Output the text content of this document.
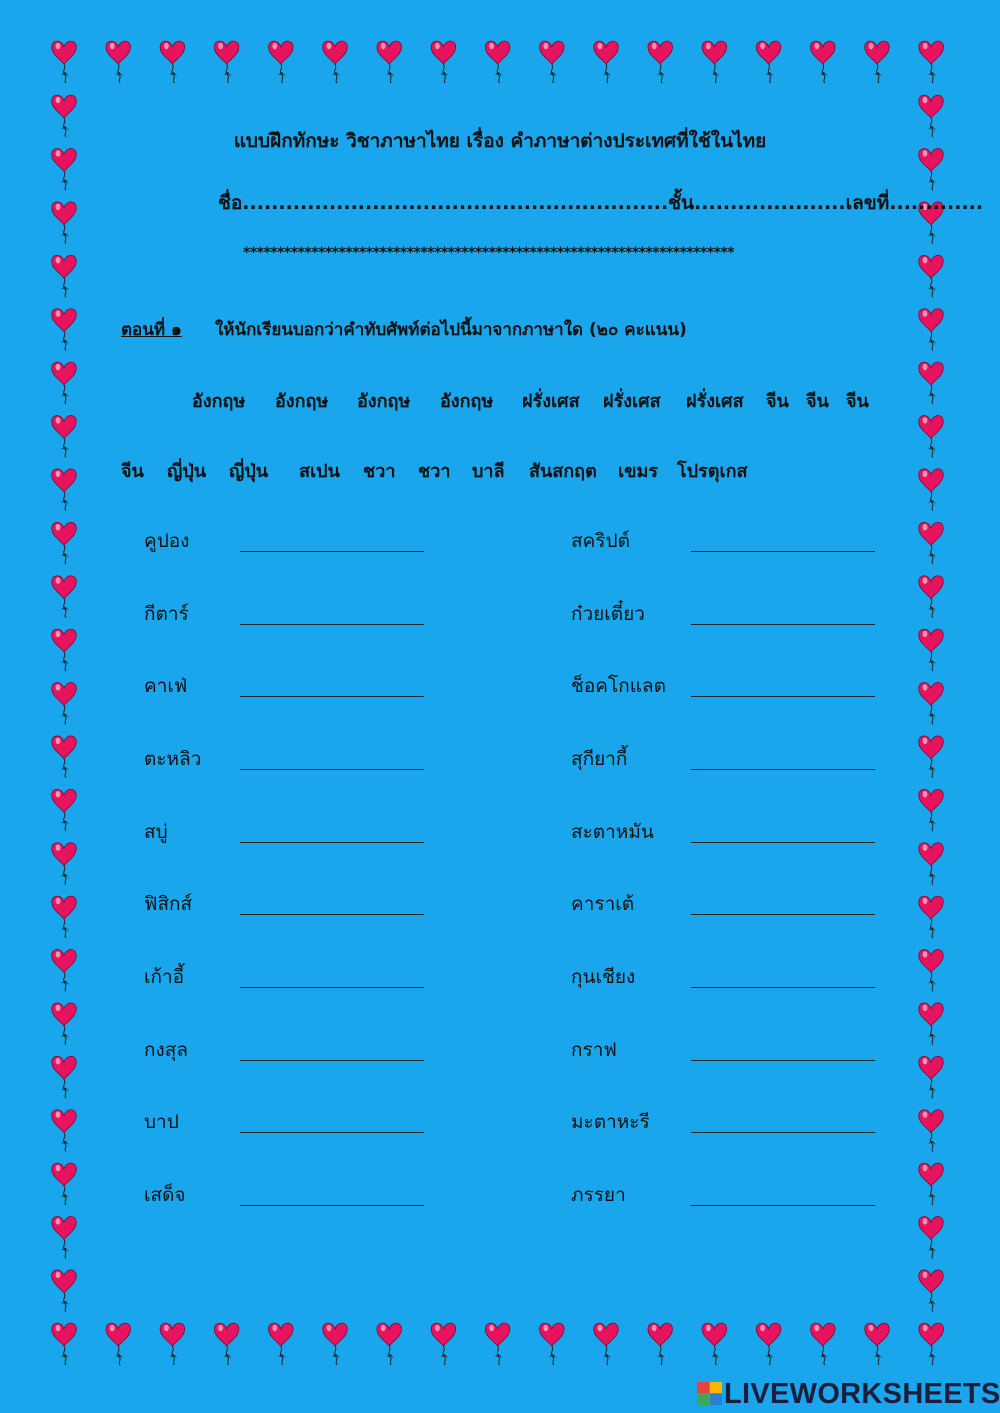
แบบฝึกทักษะ วิชาภาษาไทย เรื่อง คำภาษาต่างประเทศที่ใช้ในไทย
ชื่อ...........................................................ชั้น.....................เลขที่.............
************************************************************************
ตอนที่ ๑ ให้นักเรียนบอกว่าคำทับศัพท์ต่อไปนี้มาจากภาษาใด (๒๐ คะแนน)
อังกฤษ อังกฤษ อังกฤษ อังกฤษ ฝรั่งเศส ฝรั่งเศส ฝรั่งเศส จีน จีน จีน
จีน ญี่ปุ่น ญี่ปุ่น สเปน ชวา ชวา บาลี สันสกฤต เขมร โปรตุเกส
คูปอง
กีตาร์
คาเฟ่
ตะหลิว
สบู่
ฟิสิกส์
เก้าอี้
กงสุล
บาป
เสด็จ
สคริปต์
ก๋วยเตี๋ยว
ช็อคโกแลต
สุกียากี้
สะตาหมัน
คาราเต้
กุนเชียง
กราฟ
มะตาหะรี
ภรรยา
LIVEWORKSHEETS
